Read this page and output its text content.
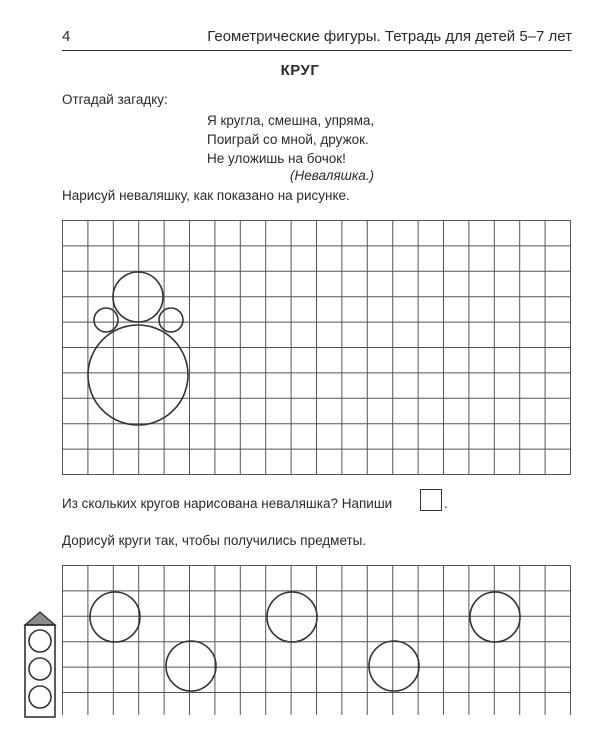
4	Геометрические фигуры. Тетрадь для детей 5–7 лет
КРУГ
Отгадай загадку:
Я кругла, смешна, упряма,
Поиграй со мной, дружок.
Не уложишь на бочок!
(Неваляшка.)
Нарисуй неваляшку, как показано на рисунке.
Из скольких кругов нарисована неваляшка? Напиши	.
Дорисуй круги так, чтобы получились предметы.
